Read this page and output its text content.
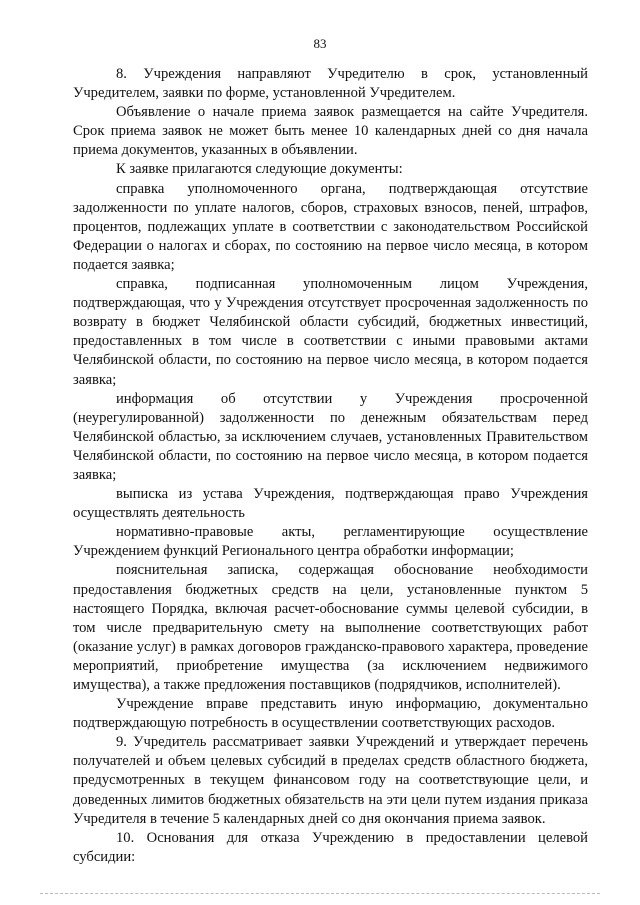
83

8. Учреждения направляют Учредителю в срок, установленный Учредителем, заявки по форме, установленной Учредителем.

Объявление о начале приема заявок размещается на сайте Учредителя. Срок приема заявок не может быть менее 10 календарных дней со дня начала приема документов, указанных в объявлении.

К заявке прилагаются следующие документы:

справка уполномоченного органа, подтверждающая отсутствие задолженности по уплате налогов, сборов, страховых взносов, пеней, штрафов, процентов, подлежащих уплате в соответствии с законодательством Российской Федерации о налогах и сборах, по состоянию на первое число месяца, в котором подается заявка;

справка, подписанная уполномоченным лицом Учреждения, подтверждающая, что у Учреждения отсутствует просроченная задолженность по возврату в бюджет Челябинской области субсидий, бюджетных инвестиций, предоставленных в том числе в соответствии с иными правовыми актами Челябинской области, по состоянию на первое число месяца, в котором подается заявка;

информация об отсутствии у Учреждения просроченной (неурегулированной) задолженности по денежным обязательствам перед Челябинской областью, за исключением случаев, установленных Правительством Челябинской области, по состоянию на первое число месяца, в котором подается заявка;

выписка из устава Учреждения, подтверждающая право Учреждения осуществлять деятельность

нормативно-правовые акты, регламентирующие осуществление Учреждением функций Регионального центра обработки информации;

пояснительная записка, содержащая обоснование необходимости предоставления бюджетных средств на цели, установленные пунктом 5 настоящего Порядка, включая расчет-обоснование суммы целевой субсидии, в том числе предварительную смету на выполнение соответствующих работ (оказание услуг) в рамках договоров гражданско-правового характера, проведение мероприятий, приобретение имущества (за исключением недвижимого имущества), а также предложения поставщиков (подрядчиков, исполнителей).

Учреждение вправе представить иную информацию, документально подтверждающую потребность в осуществлении соответствующих расходов.

9. Учредитель рассматривает заявки Учреждений и утверждает перечень получателей и объем целевых субсидий в пределах средств областного бюджета, предусмотренных в текущем финансовом году на соответствующие цели, и доведенных лимитов бюджетных обязательств на эти цели путем издания приказа Учредителя в течение 5 календарных дней со дня окончания приема заявок.

10. Основания для отказа Учреждению в предоставлении целевой субсидии:
